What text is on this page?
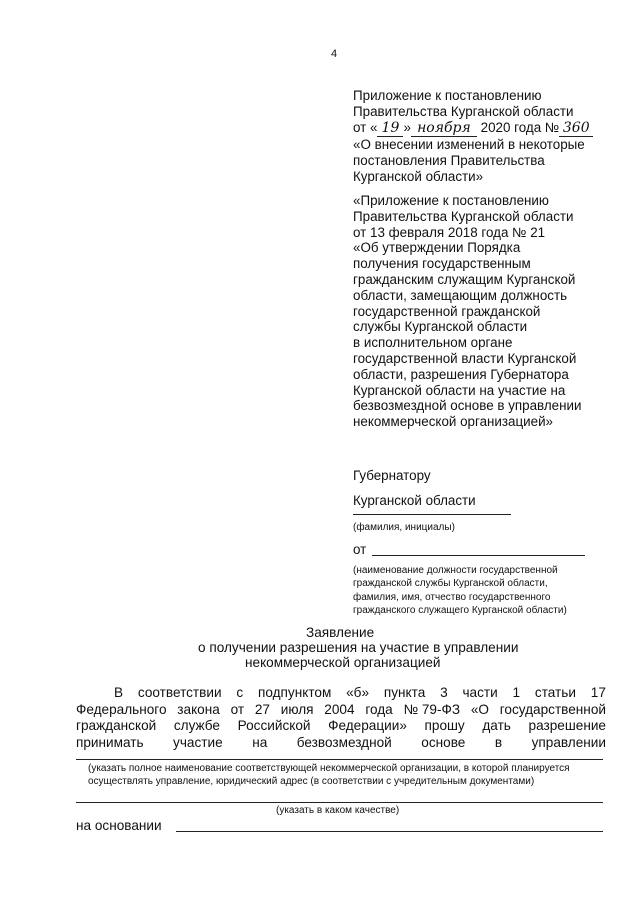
4
Приложение к постановлению
Правительства Курганской области
от « 19 » ноября 2020 года № 360
«О внесении изменений в некоторые
постановления Правительства
Курганской области»
«Приложение к постановлению
Правительства Курганской области
от 13 февраля 2018 года № 21
«Об утверждении Порядка
получения государственным
гражданским служащим Курганской
области, замещающим должность
государственной гражданской
службы Курганской области
в исполнительном органе
государственной власти Курганской
области, разрешения Губернатора
Курганской области на участие на
безвозмездной основе в управлении
некоммерческой организацией»
Губернатору
Курганской области
(фамилия, инициалы)
от
(наименование должности государственной
гражданской службы Курганской области,
фамилия, имя, отчество государственного
гражданского служащего Курганской области)
Заявление
о получении разрешения на участие в управлении
некоммерческой организацией
В соответствии с подпунктом «б» пункта 3 части 1 статьи 17
Федерального закона от 27 июля 2004 года № 79-ФЗ «О государственной
гражданской службе Российской Федерации» прошу дать разрешение
принимать участие на безвозмездной основе в управлении
(указать полное наименование соответствующей некоммерческой организации, в которой планируется
осуществлять управление, юридический адрес (в соответствии с учредительным документами)
(указать в каком качестве)
на основании
